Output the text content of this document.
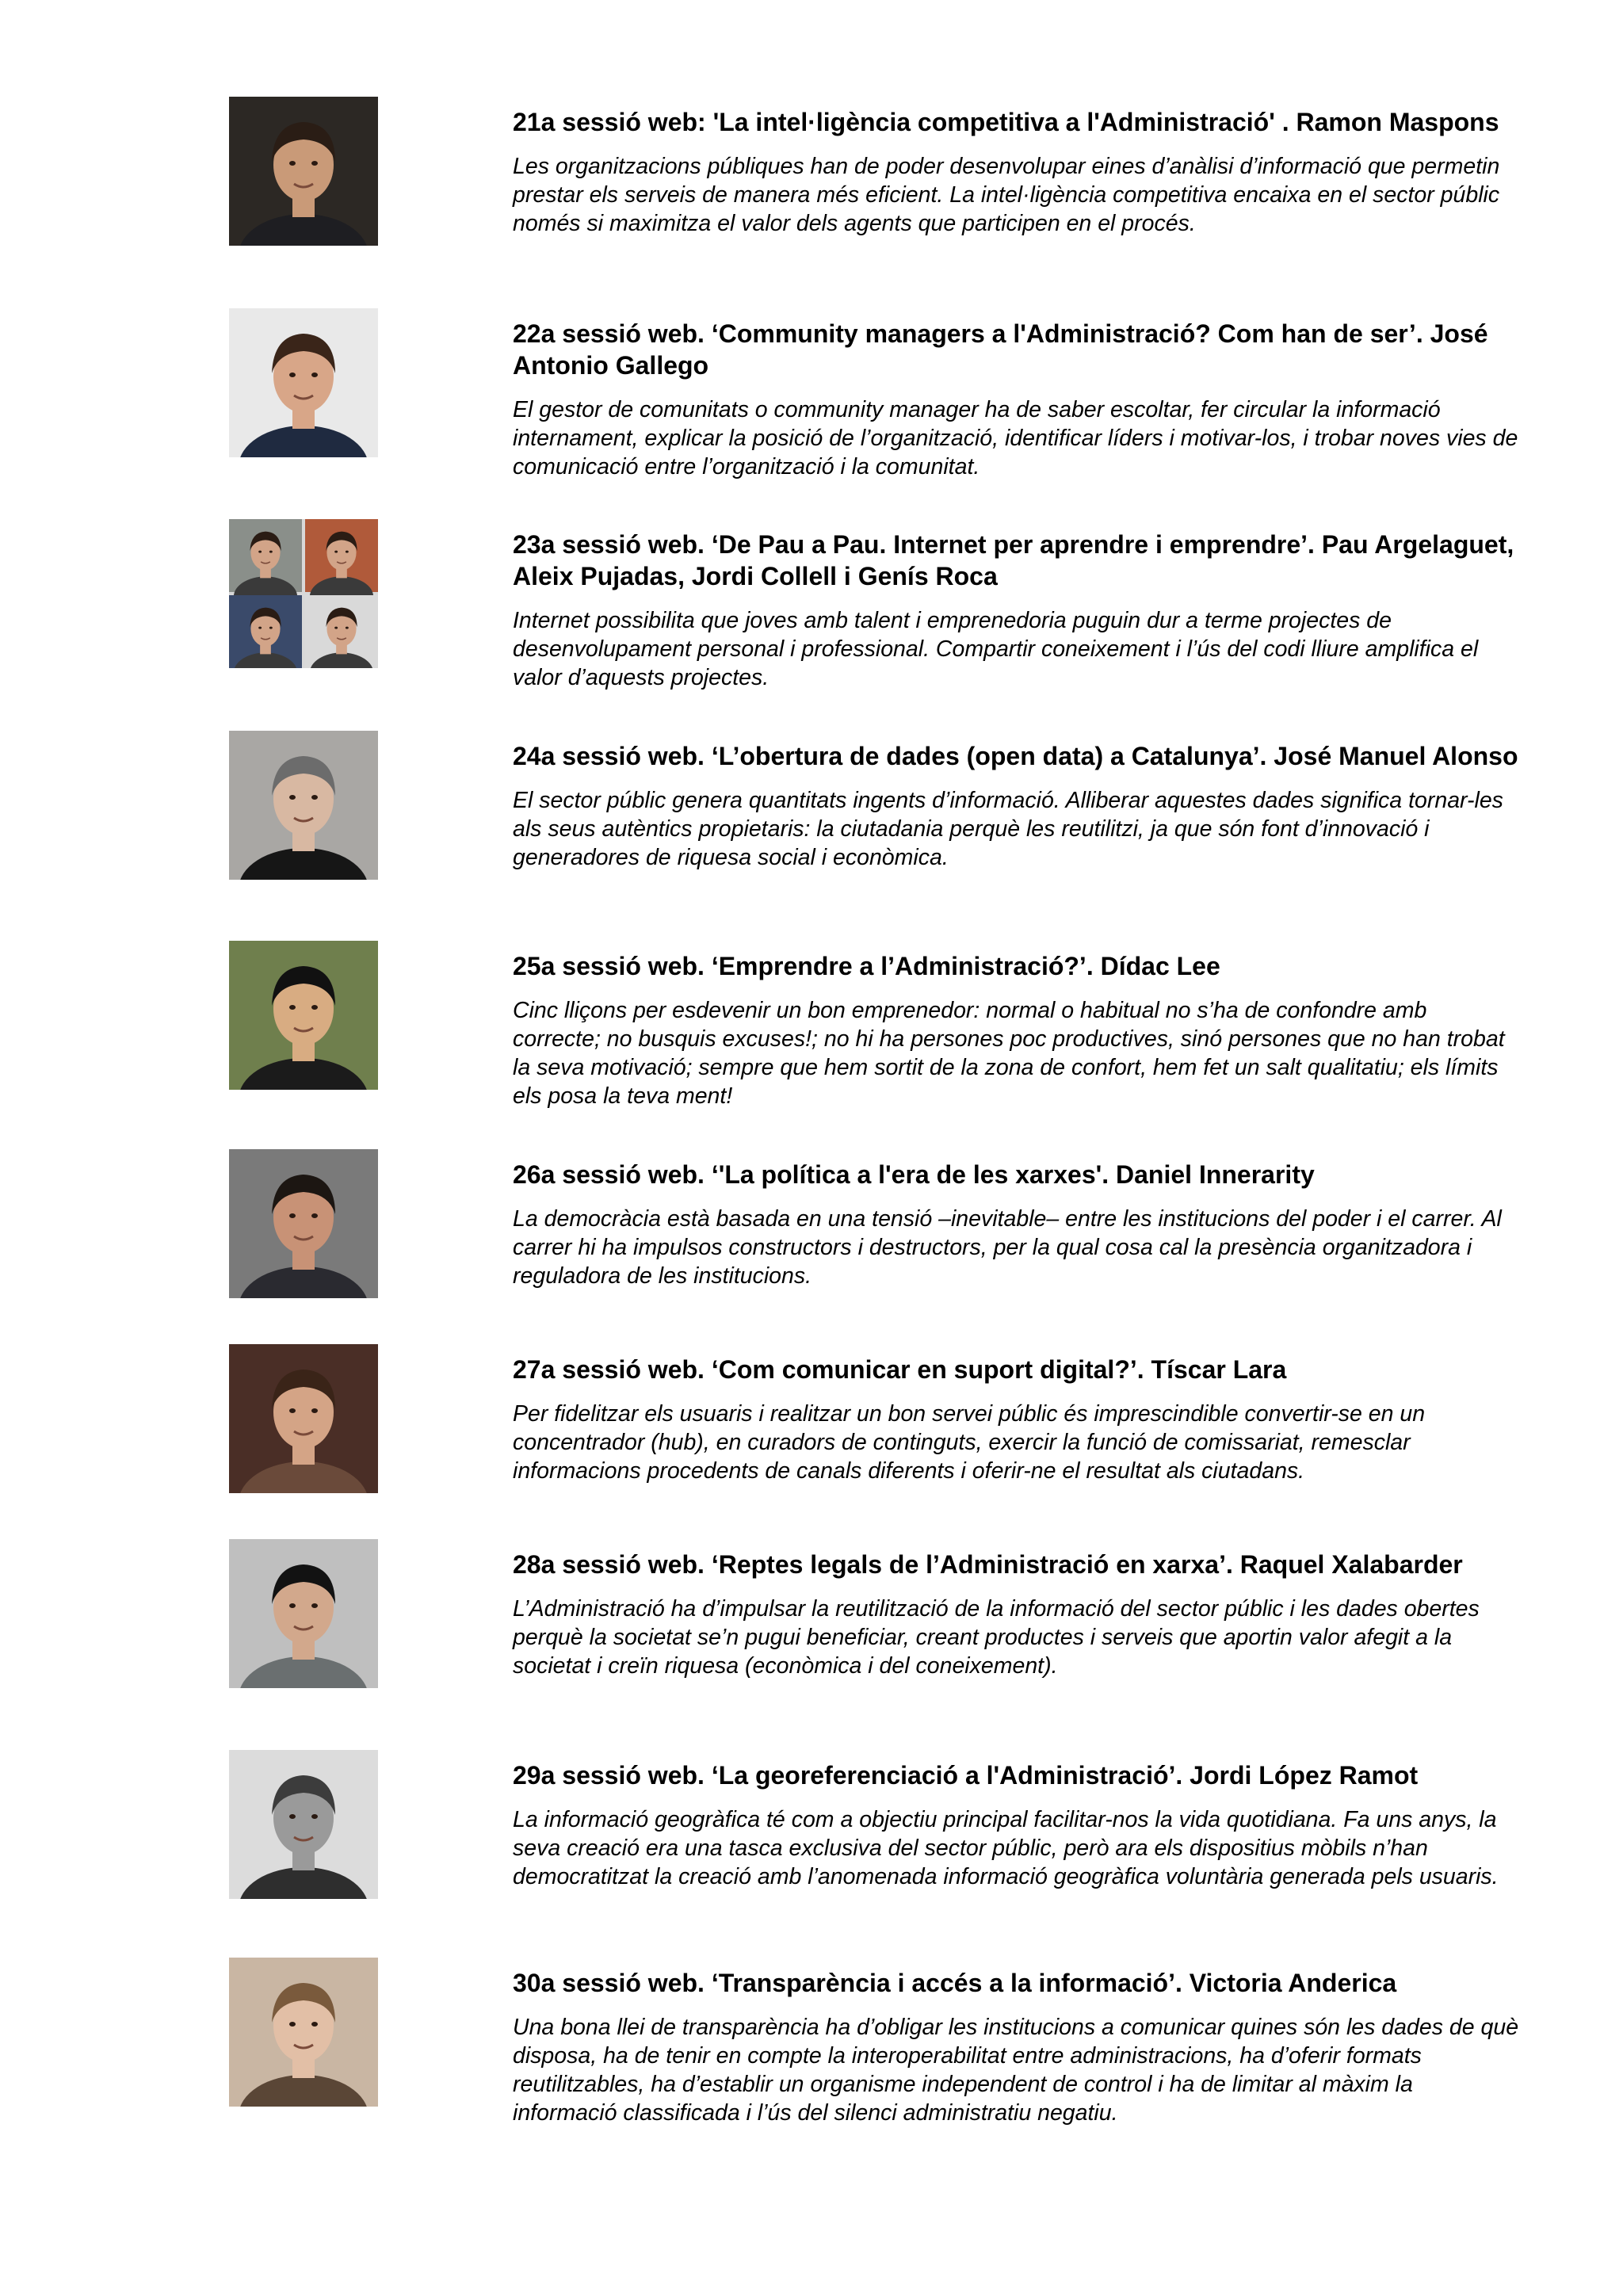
21a sessió web: 'La intel·ligència competitiva a l'Administració' . Ramon Maspons

Les organitzacions públiques han de poder desenvolupar eines d’anàlisi d’informació que permetin prestar els serveis de manera més eficient. La intel·ligència competitiva encaixa en el sector públic només si maximitza el valor dels agents que participen en el procés.

22a sessió web. ‘Community managers a l'Administració? Com han de ser’. José Antonio Gallego

El gestor de comunitats o community manager ha de saber escoltar, fer circular la informació internament, explicar la posició de l’organització, identificar líders i motivar-los, i trobar noves vies de comunicació entre l’organització i la comunitat.

23a sessió web. ‘De Pau a Pau. Internet per aprendre i emprendre’. Pau Argelaguet, Aleix Pujadas, Jordi Collell i Genís Roca

Internet possibilita que joves amb talent i emprenedoria puguin dur a terme projectes de desenvolupament personal i professional. Compartir coneixement i l’ús del codi lliure amplifica el valor d’aquests projectes.

24a sessió web. ‘L’obertura de dades (open data) a Catalunya’. José Manuel Alonso

El sector públic genera quantitats ingents d’informació. Alliberar aquestes dades significa tornar-les als seus autèntics propietaris: la ciutadania perquè les reutilitzi, ja que són font d’innovació i generadores de riquesa social i econòmica.

25a sessió web. ‘Emprendre a l’Administració?’. Dídac Lee

Cinc lliçons per esdevenir un bon emprenedor: normal o habitual no s’ha de confondre amb correcte; no busquis excuses!; no hi ha persones poc productives, sinó persones que no han trobat la seva motivació; sempre que hem sortit de la zona de confort, hem fet un salt qualitatiu; els límits els posa la teva ment!

26a sessió web. ‘'La política a l'era de les xarxes'. Daniel Innerarity

La democràcia està basada en una tensió –inevitable– entre les institucions del poder i el carrer. Al carrer hi ha impulsos constructors i destructors, per la qual cosa cal la presència organitzadora i reguladora de les institucions.

27a sessió web. ‘Com comunicar en suport digital?’. Tíscar Lara

Per fidelitzar els usuaris i realitzar un bon servei públic és imprescindible convertir-se en un concentrador (hub), en curadors de continguts, exercir la funció de comissariat, remesclar informacions procedents de canals diferents i oferir-ne el resultat als ciutadans.

28a sessió web. ‘Reptes legals de l’Administració en xarxa’. Raquel Xalabarder

L’Administració ha d’impulsar la reutilització de la informació del sector públic i les dades obertes perquè la societat se’n pugui beneficiar, creant productes i serveis que aportin valor afegit a la societat i creïn riquesa (econòmica i del coneixement).

29a sessió web. ‘La georeferenciació a l'Administració’. Jordi López Ramot

La informació geogràfica té com a objectiu principal facilitar-nos la vida quotidiana. Fa uns anys, la seva creació era una tasca exclusiva del sector públic, però ara els dispositius mòbils n’han democratitzat la creació amb l’anomenada informació geogràfica voluntària generada pels usuaris.

30a sessió web. ‘Transparència i accés a la informació’. Victoria Anderica

Una bona llei de transparència ha d’obligar les institucions a comunicar quines són les dades de què disposa, ha de tenir en compte la interoperabilitat entre administracions, ha d’oferir formats reutilitzables, ha d’establir un organisme independent de control i ha de limitar al màxim la informació classificada i l’ús del silenci administratiu negatiu.
